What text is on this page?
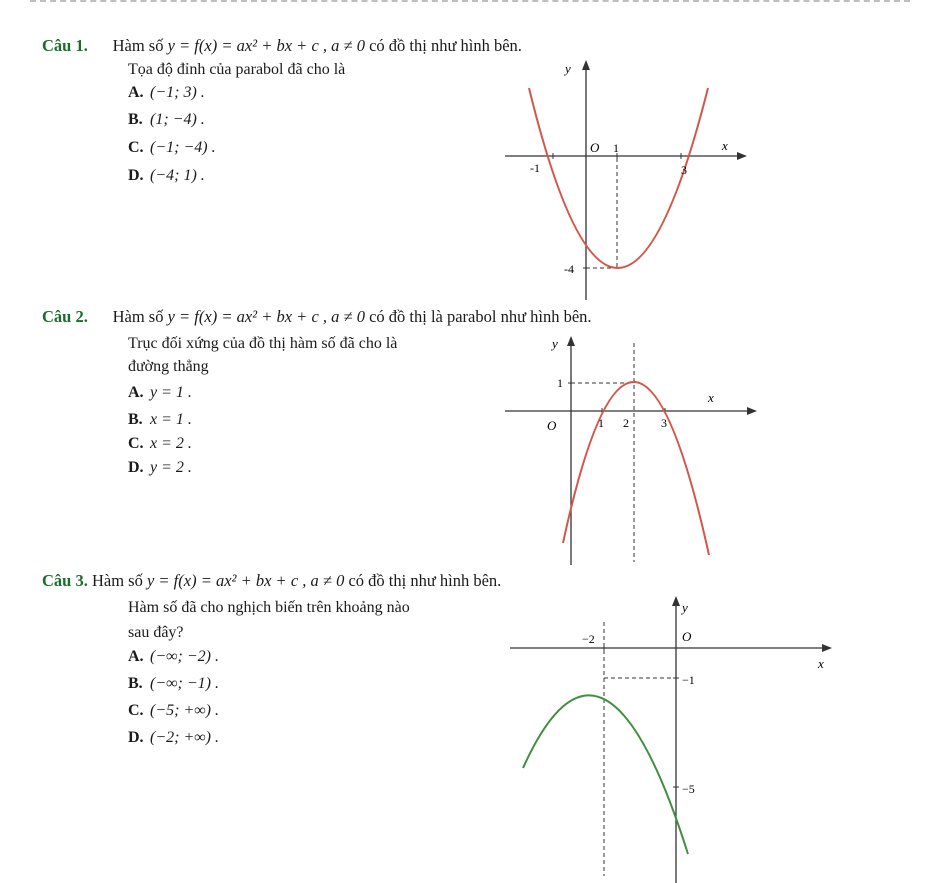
Câu 1. Hàm số y = f(x) = ax² + bx + c , a ≠ 0 có đồ thị như hình bên.
Tọa độ đỉnh của parabol đã cho là
A. (−1; 3) .
B. (1; −4) .
C. (−1; −4) .
D. (−4; 1) .
y
x
O 1
-1	3
-4
Câu 2. Hàm số y = f(x) = ax² + bx + c , a ≠ 0 có đồ thị là parabol như hình bên.
Trục đối xứng của đồ thị hàm số đã cho là
đường thẳng
A. y = 1 .
B. x = 1 .
C. x = 2 .
D. y = 2 .
y
x
O
1
1 2	3
Câu 3. Hàm số y = f(x) = ax² + bx + c , a ≠ 0 có đồ thị như hình bên.
Hàm số đã cho nghịch biến trên khoảng nào
sau đây?
A. (−∞; −2) .
B. (−∞; −1) .
C. (−5; +∞) .
D. (−2; +∞) .
y
x
O
−2
−1
−5
